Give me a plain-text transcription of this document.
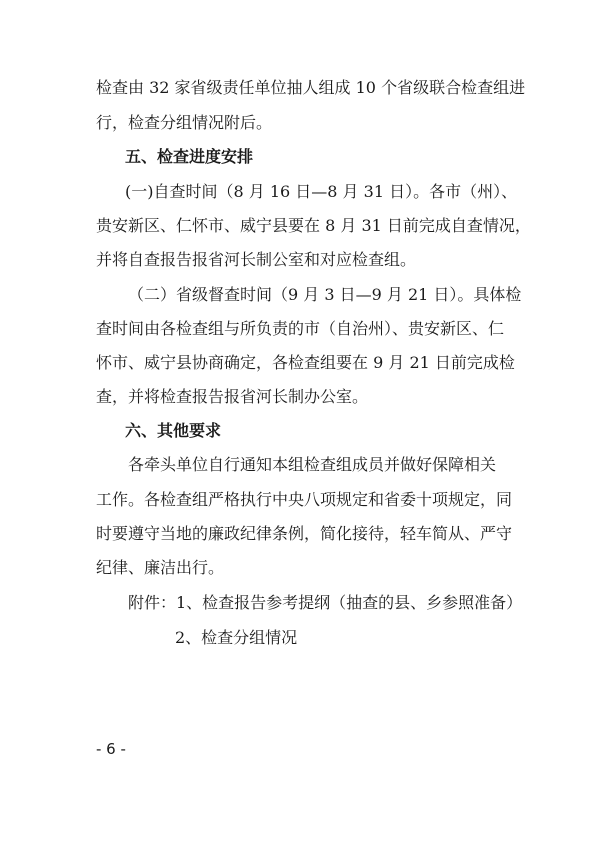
检查由 32 家省级责任单位抽人组成 10 个省级联合检查组进
行，检查分组情况附后。
五、检查进度安排
(一)自查时间（8 月 16 日—8 月 31 日）。各市（州）、
贵安新区、仁怀市、威宁县要在 8 月 31 日前完成自查情况，
并将自查报告报省河长制公室和对应检查组。
（二）省级督查时间（9 月 3 日—9 月 21 日）。具体检
查时间由各检查组与所负责的市（自治州）、贵安新区、仁
怀市、威宁县协商确定，各检查组要在 9 月 21 日前完成检
查，并将检查报告报省河长制办公室。
六、其他要求
各牵头单位自行通知本组检查组成员并做好保障相关
工作。各检查组严格执行中央八项规定和省委十项规定，同
时要遵守当地的廉政纪律条例，简化接待，轻车简从、严守
纪律、廉洁出行。
附件：1、检查报告参考提纲（抽查的县、乡参照准备）
2、检查分组情况
- 6 -
